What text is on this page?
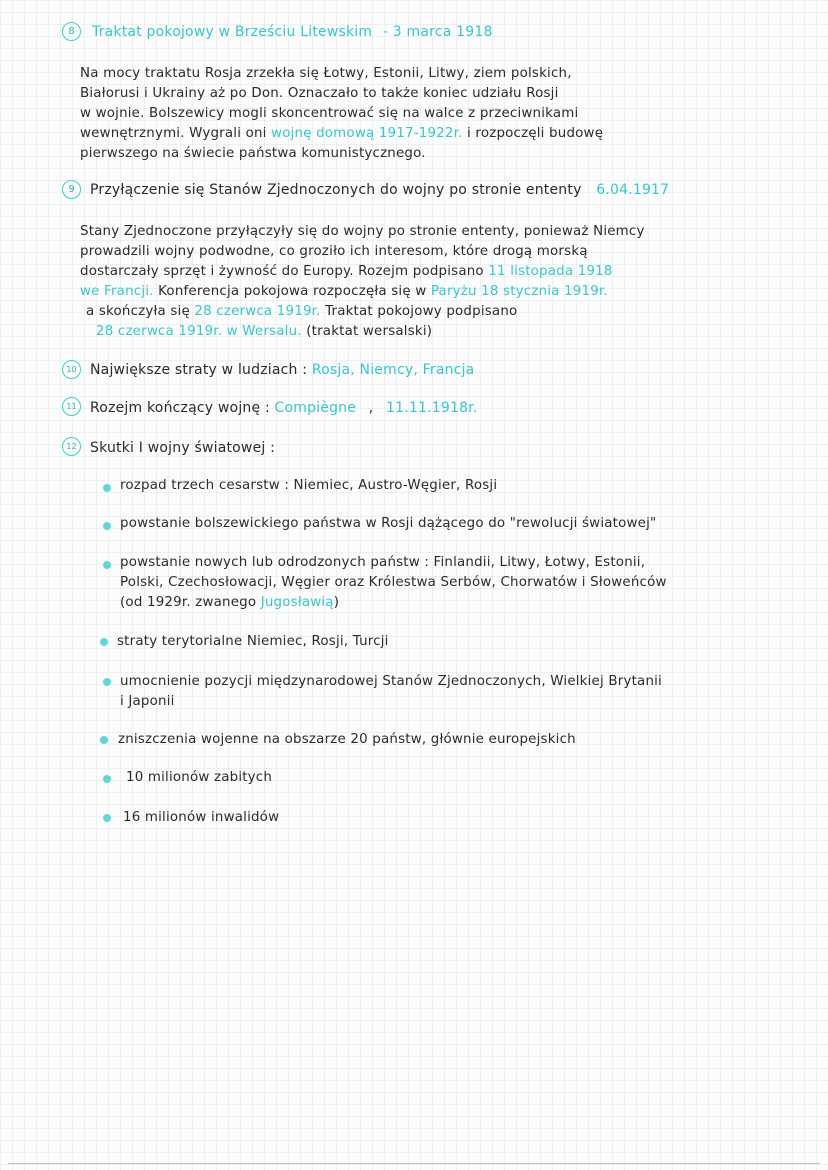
8	Traktat pokojowy w Brześciu Litewskim - 3 marca 1918
Na mocy traktatu Rosja zrzekła się Łotwy, Estonii, Litwy, ziem polskich,
Białorusi i Ukrainy aż po Don. Oznaczało to także koniec udziału Rosji
w wojnie. Bolszewicy mogli skoncentrować się na walce z przeciwnikami
wewnętrznymi. Wygrali oni wojnę domową 1917-1922r. i rozpoczęli budowę
pierwszego na świecie państwa komunistycznego.
9	Przyłączenie się Stanów Zjednoczonych do wojny po stronie ententy 6.04.1917
Stany Zjednoczone przyłączyły się do wojny po stronie ententy, ponieważ Niemcy
prowadzili wojny podwodne, co groziło ich interesom, które drogą morską
dostarczały sprzęt i żywność do Europy. Rozejm podpisano 11 listopada 1918
we Francji. Konferencja pokojowa rozpoczęła się w Paryżu 18 stycznia 1919r.
a skończyła się 28 czerwca 1919r. Traktat pokojowy podpisano
28 czerwca 1919r. w Wersalu. (traktat wersalski)
10 Największe straty w ludziach : Rosja, Niemcy, Francja
11 Rozejm kończący wojnę : Compiègne , 11.11.1918r.
12 Skutki I wojny światowej :
rozpad trzech cesarstw : Niemiec, Austro-Węgier, Rosji
powstanie bolszewickiego państwa w Rosji dążącego do "rewolucji światowej"
powstanie nowych lub odrodzonych państw : Finlandii, Litwy, Łotwy, Estonii,
Polski, Czechosłowacji, Węgier oraz Królestwa Serbów, Chorwatów i Słoweńców
(od 1929r. zwanego Jugosławią)
straty terytorialne Niemiec, Rosji, Turcji
umocnienie pozycji międzynarodowej Stanów Zjednoczonych, Wielkiej Brytanii
i Japonii
zniszczenia wojenne na obszarze 20 państw, głównie europejskich
10 milionów zabitych
16 milionów inwalidów
